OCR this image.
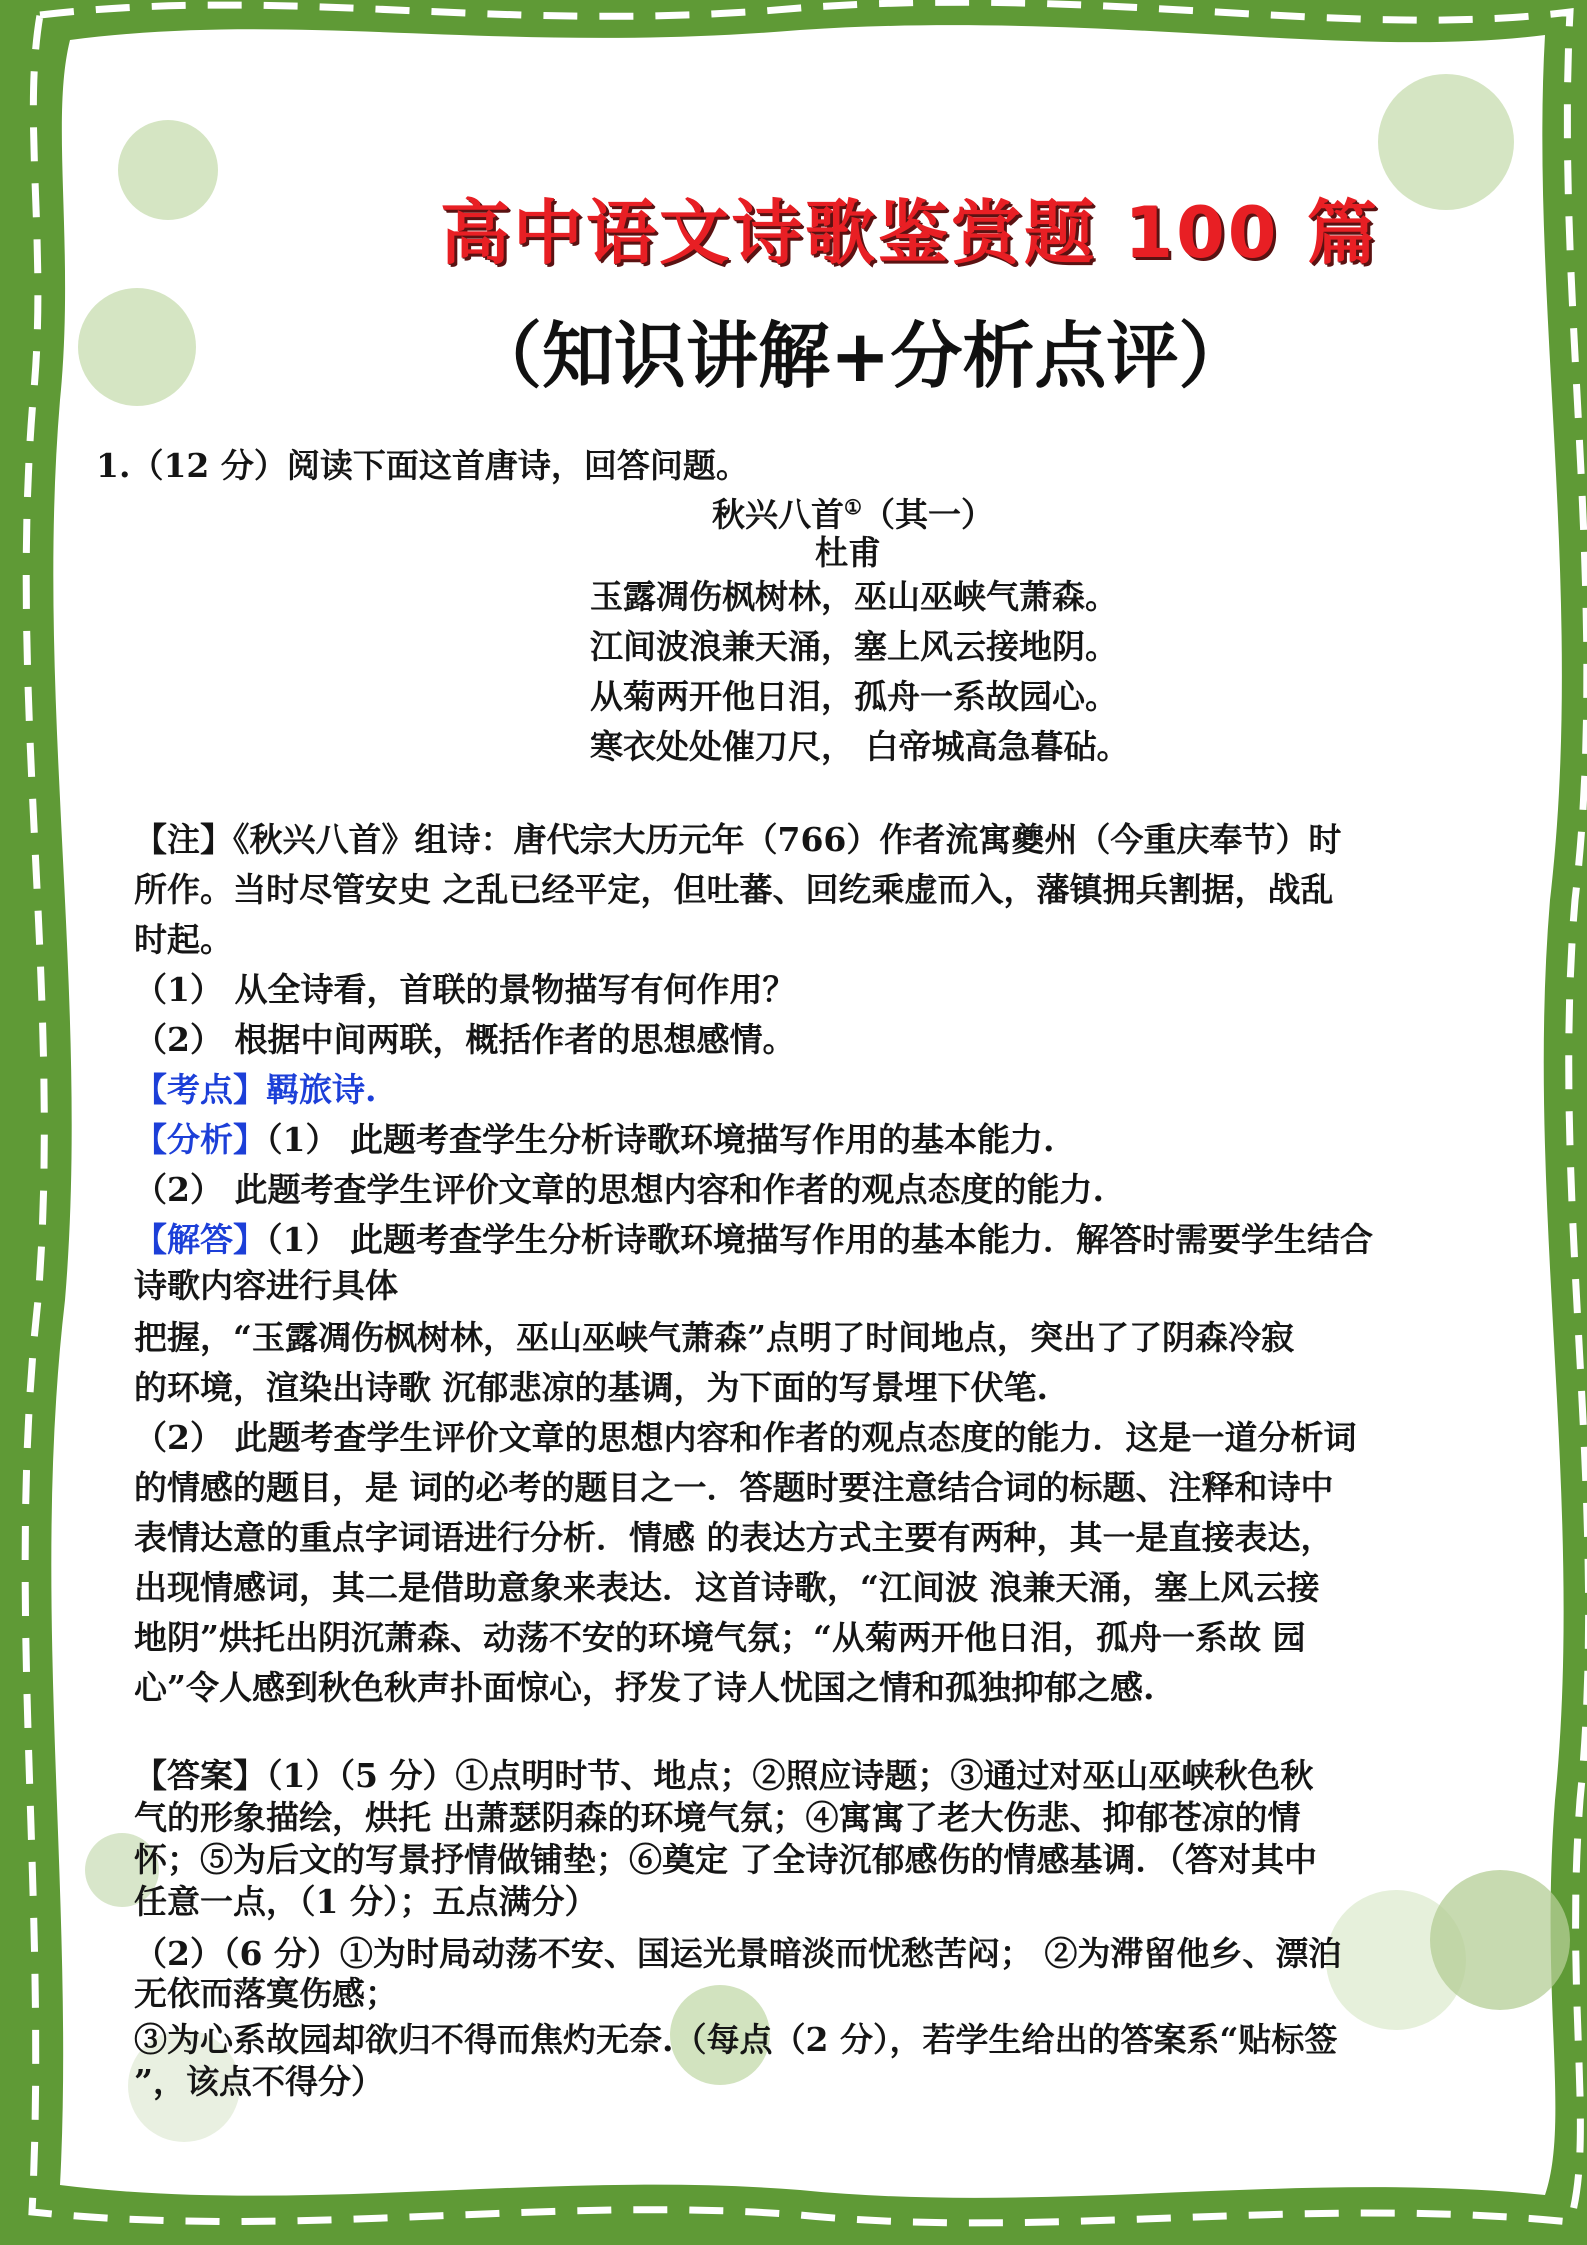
高中语文诗歌鉴赏题 100 篇
（知识讲解+分析点评）

1.（12 分）阅读下面这首唐诗，回答问题。

秋兴八首①（其一）

杜甫

玉露凋伤枫树林，巫山巫峡气萧森。

江间波浪兼天涌，塞上风云接地阴。

从菊两开他日泪，孤舟一系故园心。

寒衣处处催刀尺， 白帝城高急暮砧。

【注】《秋兴八首》组诗：唐代宗大历元年（766）作者流寓夔州（今重庆奉节）时

所作。当时尽管安史 之乱已经平定，但吐蕃、回纥乘虚而入，藩镇拥兵割据，战乱

时起。

（1） 从全诗看，首联的景物描写有何作用？

（2） 根据中间两联，概括作者的思想感情。

【考点】羁旅诗.

【分析】（1） 此题考查学生分析诗歌环境描写作用的基本能力.

（2） 此题考查学生评价文章的思想内容和作者的观点态度的能力.

【解答】（1） 此题考查学生分析诗歌环境描写作用的基本能力．解答时需要学生结合

诗歌内容进行具体

把握，“玉露凋伤枫树林，巫山巫峡气萧森”点明了时间地点，突出了了阴森冷寂

的环境，渲染出诗歌 沉郁悲凉的基调，为下面的写景埋下伏笔.

（2） 此题考查学生评价文章的思想内容和作者的观点态度的能力．这是一道分析词

的情感的题目，是 词的必考的题目之一．答题时要注意结合词的标题、注释和诗中

表情达意的重点字词语进行分析．情感 的表达方式主要有两种，其一是直接表达，

出现情感词，其二是借助意象来表达．这首诗歌，“江间波 浪兼天涌，塞上风云接

地阴”烘托出阴沉萧森、动荡不安的环境气氛；“从菊两开他日泪，孤舟一系故 园

心”令人感到秋色秋声扑面惊心，抒发了诗人忧国之情和孤独抑郁之感.

【答案】（1）（5 分）①点明时节、地点；②照应诗题；③通过对巫山巫峡秋色秋

气的形象描绘，烘托 出萧瑟阴森的环境气氛；④寓寓了老大伤悲、抑郁苍凉的情

怀；⑤为后文的写景抒情做铺垫；⑥奠定 了全诗沉郁感伤的情感基调．（答对其中

任意一点，（1 分）；五点满分）

（2）（6 分）①为时局动荡不安、国运光景暗淡而忧愁苦闷； ②为滞留他乡、漂泊

无依而落寞伤感；

③为心系故园却欲归不得而焦灼无奈.（每点（2 分），若学生给出的答案系“贴标签

”，该点不得分）
